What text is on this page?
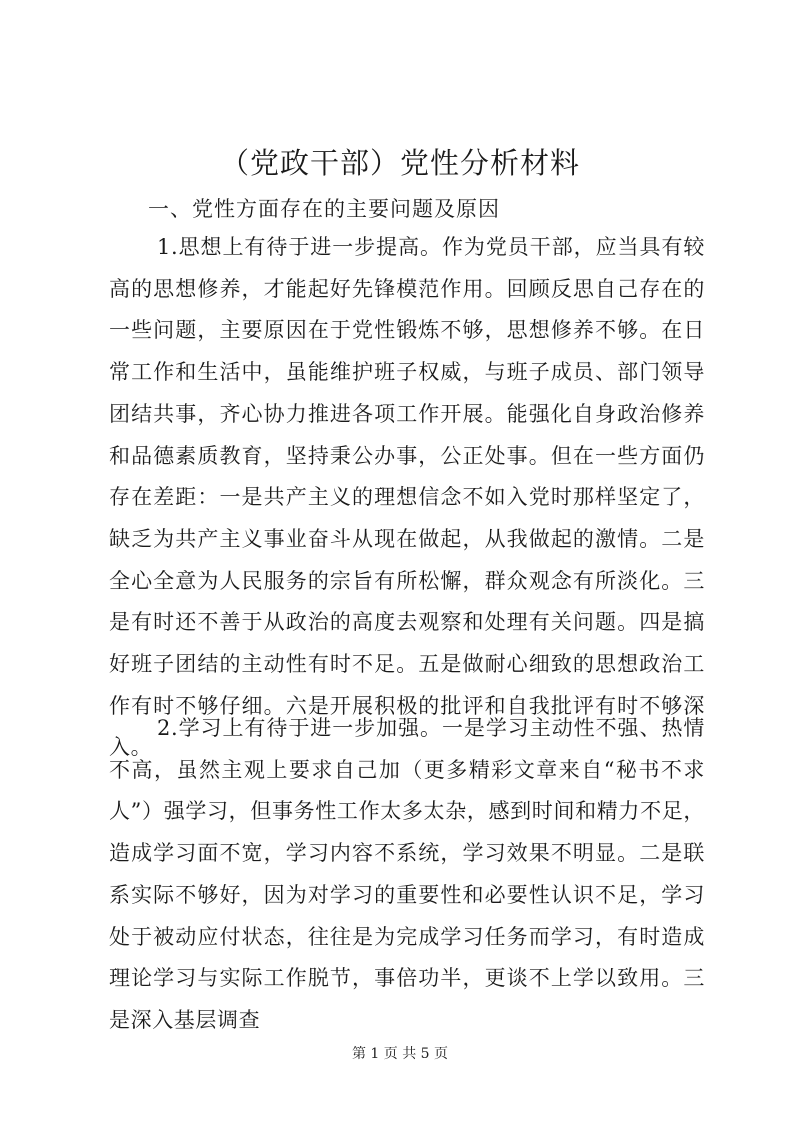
（党政干部）党性分析材料

一、党性方面存在的主要问题及原因

1.思想上有待于进一步提高。作为党员干部，应当具有较高的思想修养，才能起好先锋模范作用。回顾反思自己存在的一些问题，主要原因在于党性锻炼不够，思想修养不够。在日常工作和生活中，虽能维护班子权威，与班子成员、部门领导团结共事，齐心协力推进各项工作开展。能强化自身政治修养和品德素质教育，坚持秉公办事，公正处事。但在一些方面仍存在差距：一是共产主义的理想信念不如入党时那样坚定了，缺乏为共产主义事业奋斗从现在做起，从我做起的激情。二是全心全意为人民服务的宗旨有所松懈，群众观念有所淡化。三是有时还不善于从政治的高度去观察和处理有关问题。四是搞好班子团结的主动性有时不足。五是做耐心细致的思想政治工作有时不够仔细。六是开展积极的批评和自我批评有时不够深入。

2.学习上有待于进一步加强。一是学习主动性不强、热情不高，虽然主观上要求自己加（更多精彩文章来自“秘书不求人”）强学习，但事务性工作太多太杂，感到时间和精力不足，造成学习面不宽，学习内容不系统，学习效果不明显。二是联系实际不够好，因为对学习的重要性和必要性认识不足，学习处于被动应付状态，往往是为完成学习任务而学习，有时造成理论学习与实际工作脱节，事倍功半，更谈不上学以致用。三是深入基层调查

第 1 页 共 5 页
